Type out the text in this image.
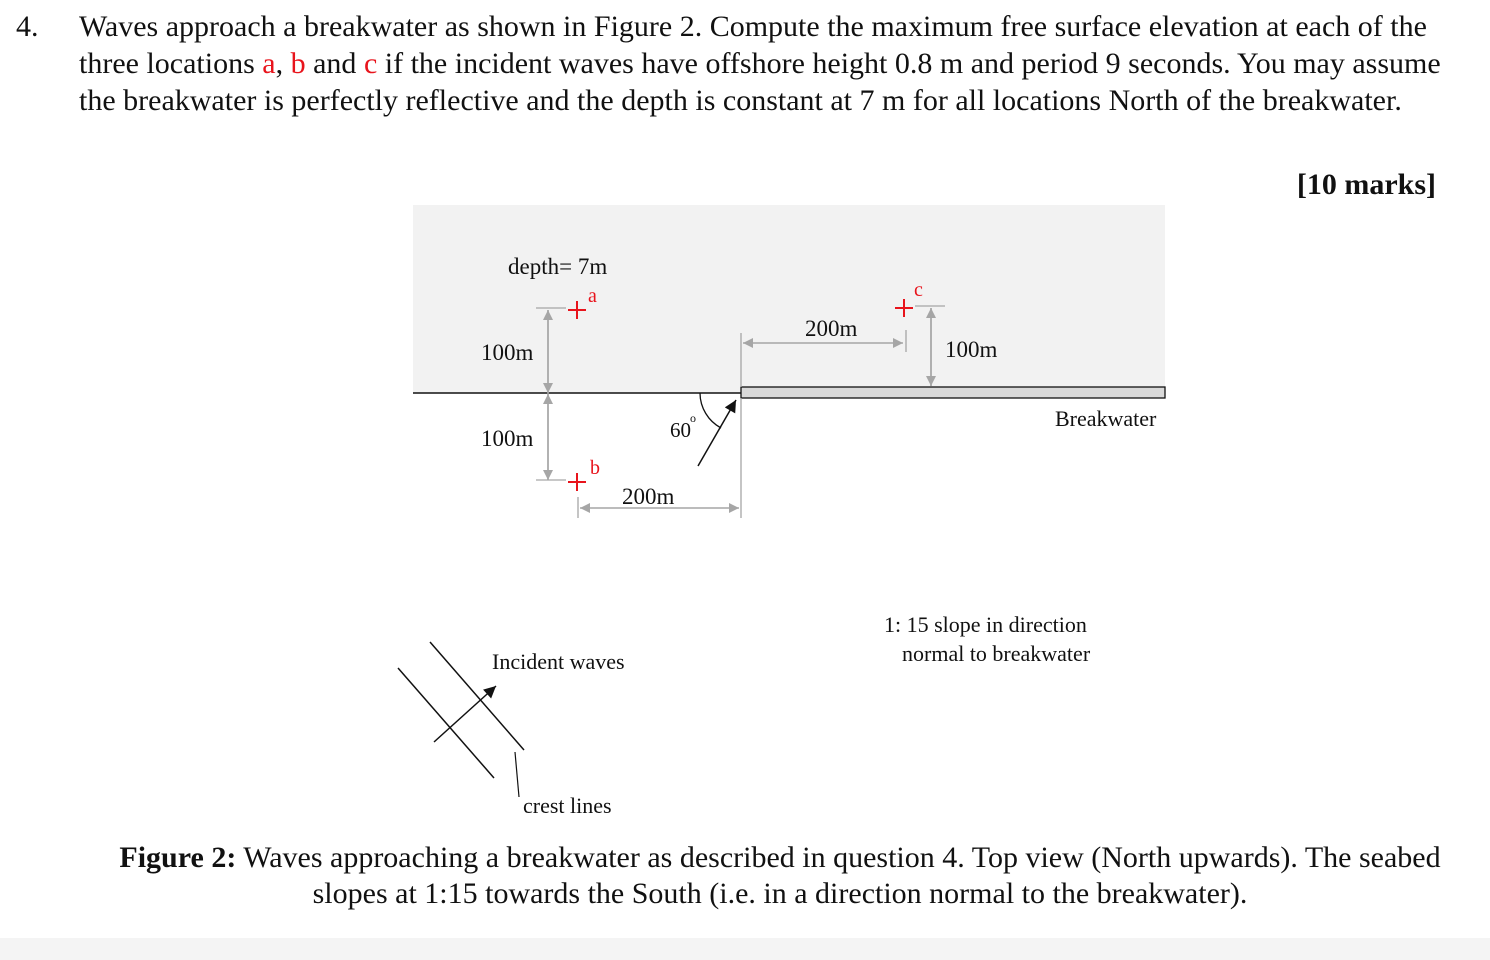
4. Waves approach a breakwater as shown in Figure 2. Compute the maximum free surface elevation at each of the three locations a, b and c if the incident waves have offshore height 0.8 m and period 9 seconds. You may assume the breakwater is perfectly reflective and the depth is constant at 7 m for all locations North of the breakwater.

[10 marks]
depth= 7m
a
100m
100m
b
200m
60 o
200m
c
100m
Breakwater
1: 15 slope in direction
normal to breakwater
Incident waves
crest lines
Figure 2: Waves approaching a breakwater as described in question 4. Top view (North upwards). The seabed slopes at 1:15 towards the South (i.e. in a direction normal to the breakwater).
